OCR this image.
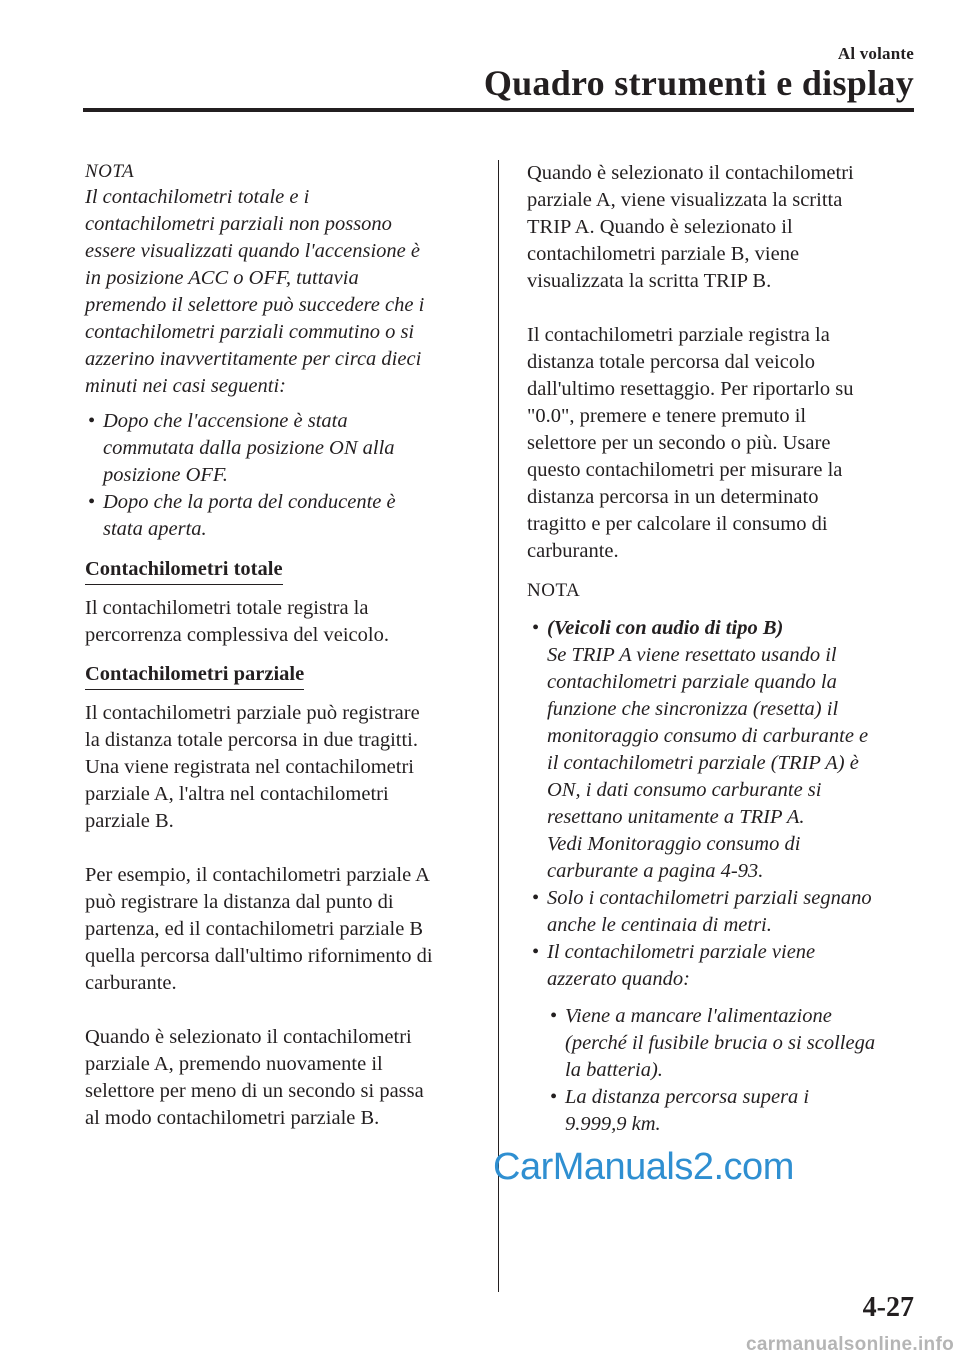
Al volante
Quadro strumenti e display

NOTA

Il contachilometri totale e i
contachilometri parziali non possono
essere visualizzati quando l'accensione è
in posizione ACC o OFF, tuttavia
premendo il selettore può succedere che i
contachilometri parziali commutino o si
azzerino inavvertitamente per circa dieci
minuti nei casi seguenti:
• Dopo che l'accensione è stata
commutata dalla posizione ON alla
posizione OFF.
• Dopo che la porta del conducente è
stata aperta.
Contachilometri totale
Il contachilometri totale registra la
percorrenza complessiva del veicolo.
Contachilometri parziale
Il contachilometri parziale può registrare
la distanza totale percorsa in due tragitti.
Una viene registrata nel contachilometri
parziale A, l'altra nel contachilometri
parziale B.
Per esempio, il contachilometri parziale A
può registrare la distanza dal punto di
partenza, ed il contachilometri parziale B
quella percorsa dall'ultimo rifornimento di
carburante.
Quando è selezionato il contachilometri
parziale A, premendo nuovamente il
selettore per meno di un secondo si passa
al modo contachilometri parziale B.
Quando è selezionato il contachilometri
parziale A, viene visualizzata la scritta
TRIP A. Quando è selezionato il
contachilometri parziale B, viene
visualizzata la scritta TRIP B.
Il contachilometri parziale registra la
distanza totale percorsa dal veicolo
dall'ultimo resettaggio. Per riportarlo su
"0.0", premere e tenere premuto il
selettore per un secondo o più. Usare
questo contachilometri per misurare la
distanza percorsa in un determinato
tragitto e per calcolare il consumo di
carburante.

NOTA

• (Veicoli con audio di tipo B)
Se TRIP A viene resettato usando il
contachilometri parziale quando la
funzione che sincronizza (resetta) il
monitoraggio consumo di carburante e
il contachilometri parziale (TRIP A) è
ON, i dati consumo carburante si
resettano unitamente a TRIP A.
Vedi Monitoraggio consumo di
carburante a pagina 4-93.
• Solo i contachilometri parziali segnano
anche le centinaia di metri.
• Il contachilometri parziale viene
azzerato quando:
• Viene a mancare l'alimentazione
(perché il fusibile brucia o si scollega
la batteria).
• La distanza percorsa supera i
9.999,9 km.
CarManuals2.com
4-27
carmanualsonline.info
